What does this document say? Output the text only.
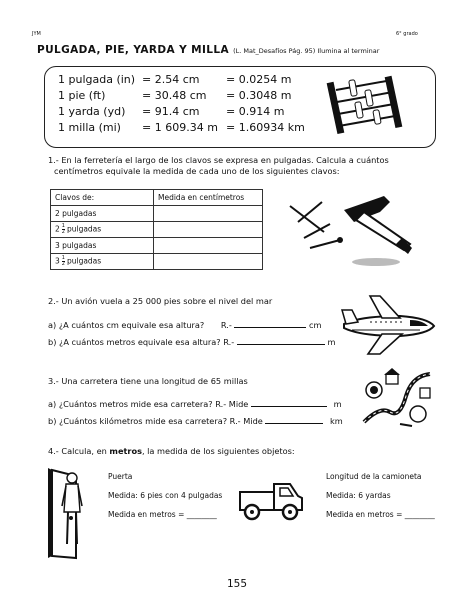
JYM	6° grado
PULGADA, PIE, YARDA Y MILLA (L. Mat_Desafíos Pág. 95) Ilumina al terminar
1 pulgada (in) = 2.54 cm = 0.0254 m
1 pie (ft)	= 30.48 cm = 0.3048 m
1 yarda (yd) = 91.4 cm = 0.914 m
1 milla (mi) = 1 609.34 m = 1.60934 km
1.- En la ferretería el largo de los clavos se expresa en pulgadas. Calcula a cuántos
centímetros equivale la medida de cada uno de los siguientes clavos:
Clavos de:	Medida en centímetros
2 pulgadas	
$2 \frac{1}{2}$ pulgadas	
3 pulgadas	
$3 \frac{1}{2}$ pulgadas	
2.- Un avión vuela a 25 000 pies sobre el nivel del mar
a) ¿A cuántos cm equivale esa altura? R.-	cm
b) ¿A cuántos metros equivale esa altura? R.-	m
3.- Una carretera tiene una longitud de 65 millas
a) ¿Cuántos metros mide esa carretera? R.- Mide	m
b) ¿Cuántos kilómetros mide esa carretera? R.- Mide	km
4.- Calcula, en metros, la medida de los siguientes objetos:
Puerta
Medida: 6 pies con 4 pulgadas
Medida en metros = ________
Longitud de la camioneta
Medida: 6 yardas
Medida en metros = ________
155
